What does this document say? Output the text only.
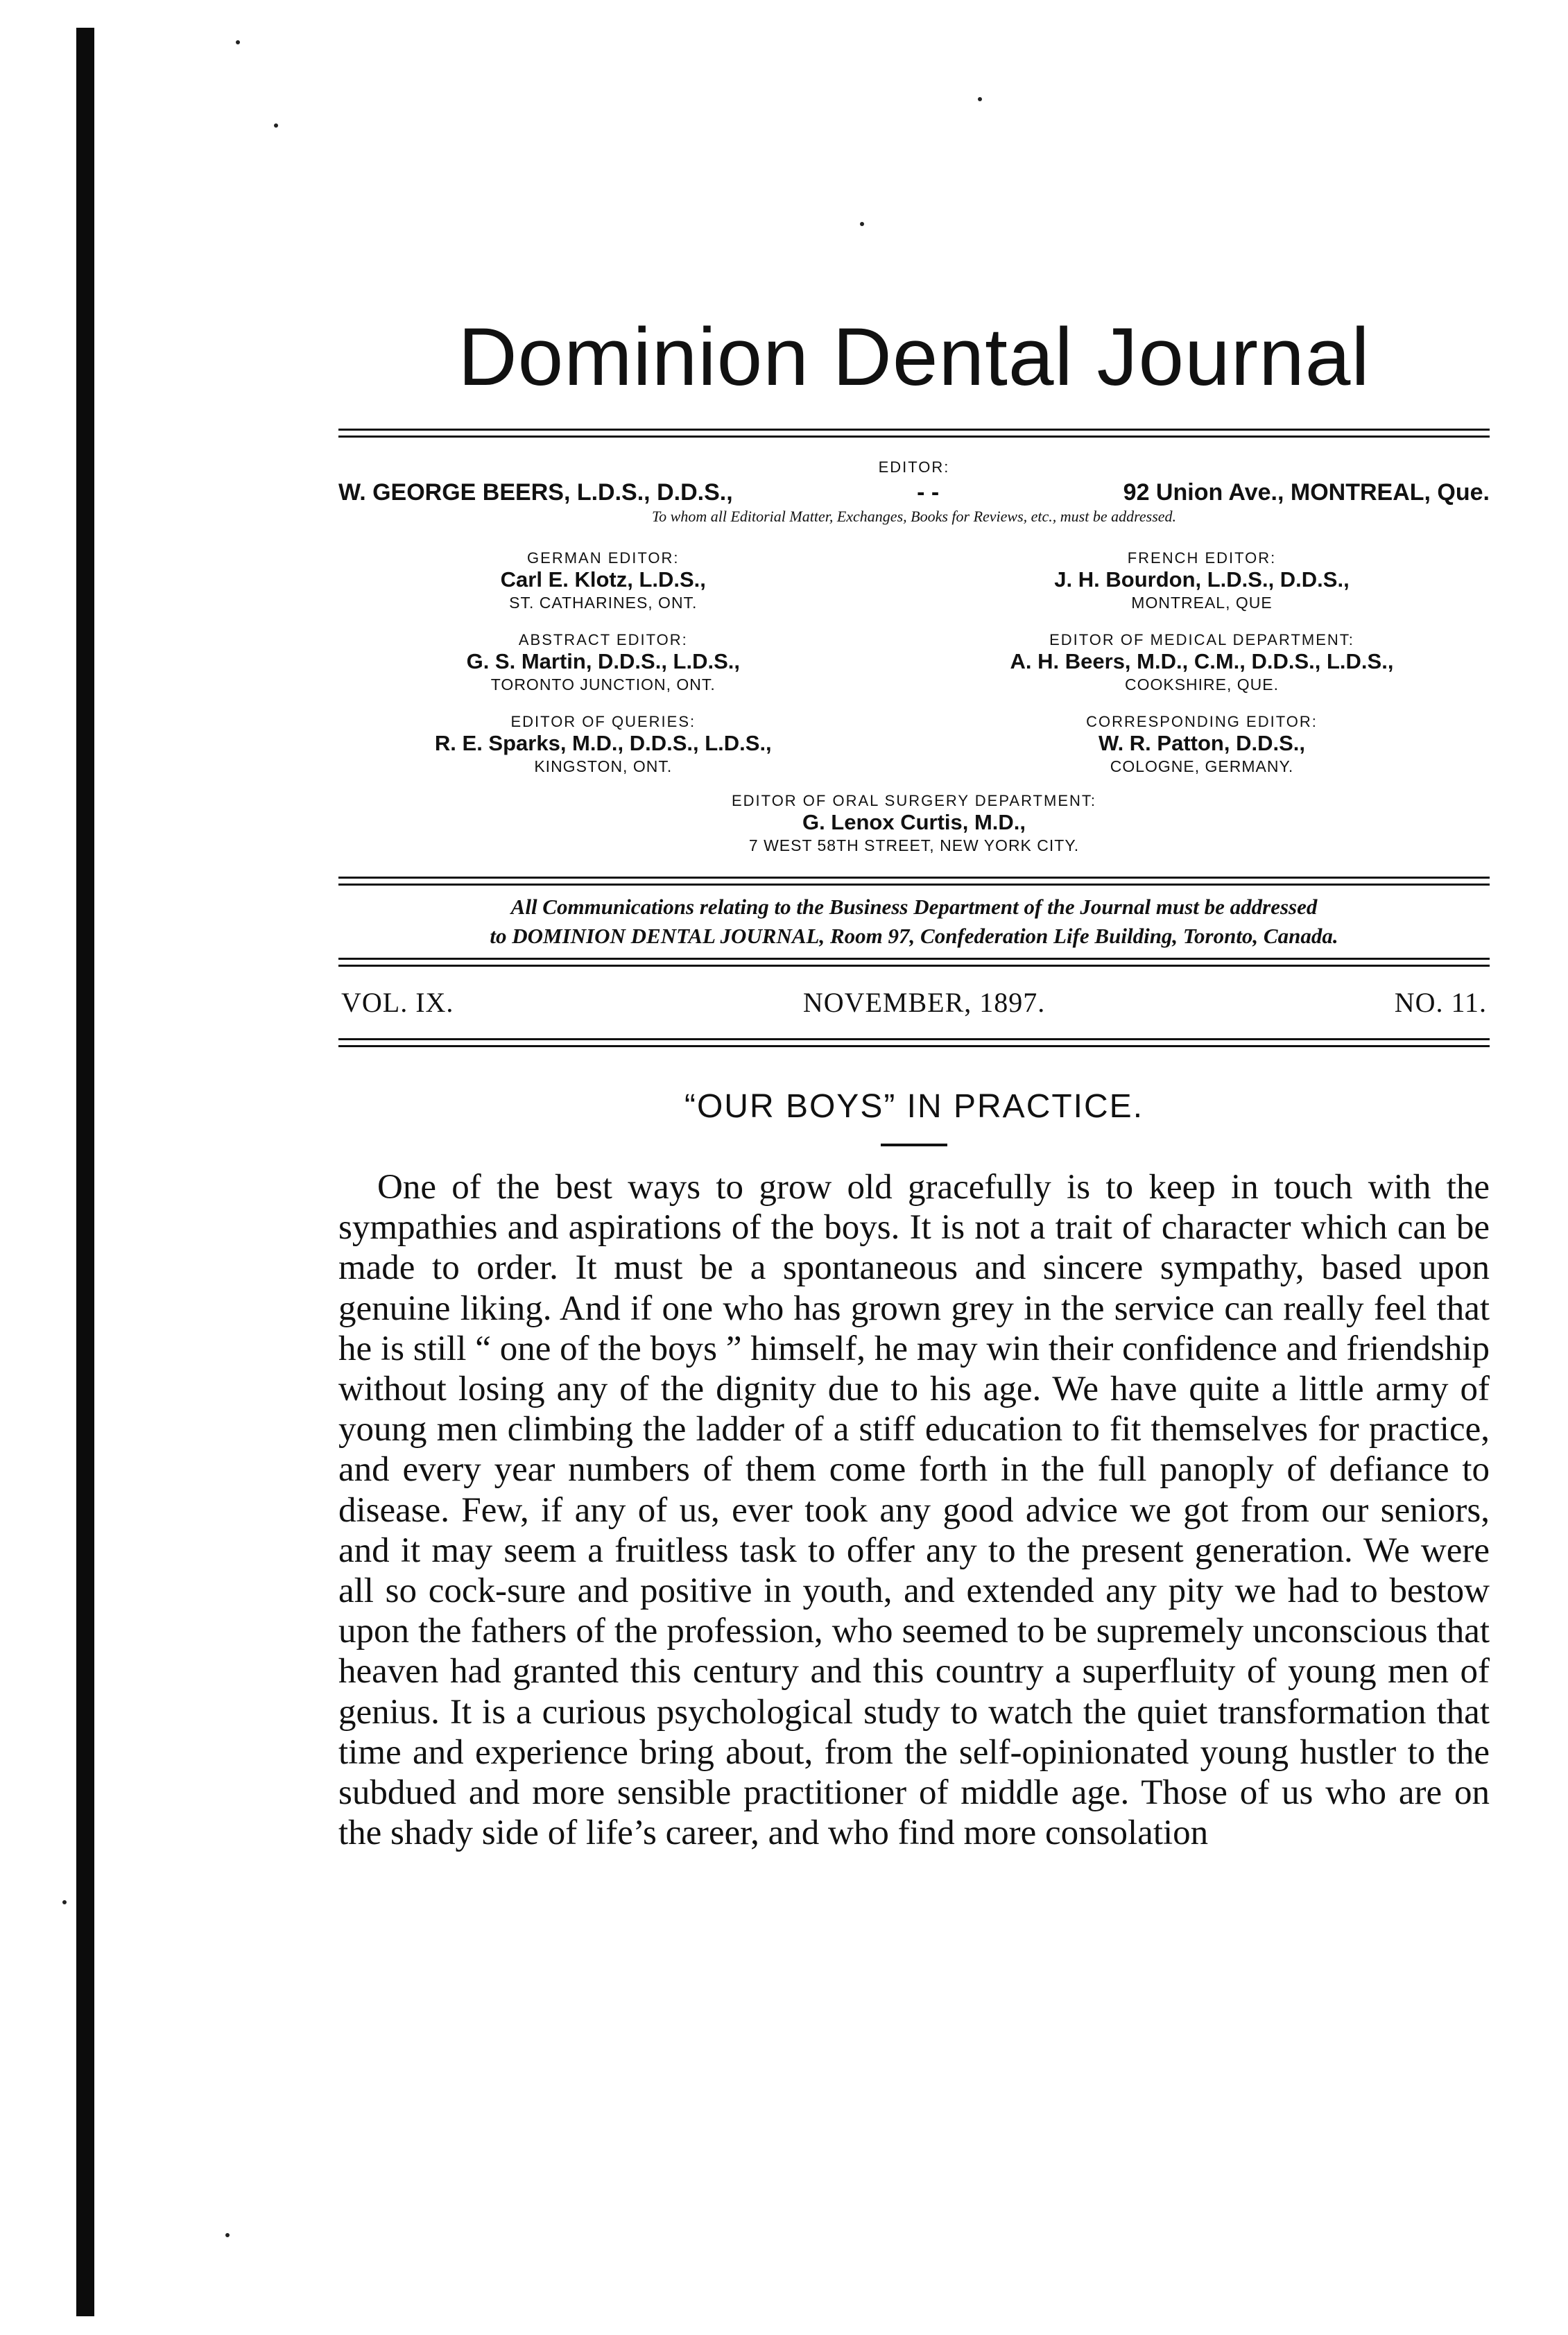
Dominion Dental Journal
EDITOR:
W. GEORGE BEERS, L.D.S., D.D.S.,	- -	92 Union Ave., MONTREAL, Que.
To whom all Editorial Matter, Exchanges, Books for Reviews, etc., must be addressed.
GERMAN EDITOR:
Carl E. Klotz, L.D.S.,
ST. CATHARINES, ONT.
ABSTRACT EDITOR:
G. S. Martin, D.D.S., L.D.S.,
TORONTO JUNCTION, ONT.
EDITOR OF QUERIES:
R. E. Sparks, M.D., D.D.S., L.D.S.,
KINGSTON, ONT.
FRENCH EDITOR:
J. H. Bourdon, L.D.S., D.D.S.,
MONTREAL, QUE
EDITOR OF MEDICAL DEPARTMENT:
A. H. Beers, M.D., C.M., D.D.S., L.D.S.,
COOKSHIRE, QUE.
CORRESPONDING EDITOR:
W. R. Patton, D.D.S.,
COLOGNE, GERMANY.
EDITOR OF ORAL SURGERY DEPARTMENT:
G. Lenox Curtis, M.D.,
7 WEST 58TH STREET, NEW YORK CITY.
All Communications relating to the Business Department of the Journal must be addressed
to DOMINION DENTAL JOURNAL, Room 97, Confederation Life Building, Toronto, Canada.
VOL. IX.	NOVEMBER, 1897.	NO. 11.
“OUR BOYS” IN PRACTICE.

One of the best ways to grow old gracefully is to keep in touch with the sympathies and aspirations of the boys. It is not a trait of character which can be made to order. It must be a spontaneous and sincere sympathy, based upon genuine liking. And if one who has grown grey in the service can really feel that he is still “ one of the boys ” himself, he may win their confidence and friendship without losing any of the dignity due to his age. We have quite a little army of young men climbing the ladder of a stiff education to fit themselves for practice, and every year numbers of them come forth in the full panoply of defiance to disease. Few, if any of us, ever took any good advice we got from our seniors, and it may seem a fruitless task to offer any to the present generation. We were all so cock-sure and positive in youth, and extended any pity we had to bestow upon the fathers of the profession, who seemed to be supremely unconscious that heaven had granted this century and this country a superfluity of young men of genius. It is a curious psychological study to watch the quiet transformation that time and experience bring about, from the self-opinionated young hustler to the subdued and more sensible practitioner of middle age. Those of us who are on the shady side of life’s career, and who find more consolation
